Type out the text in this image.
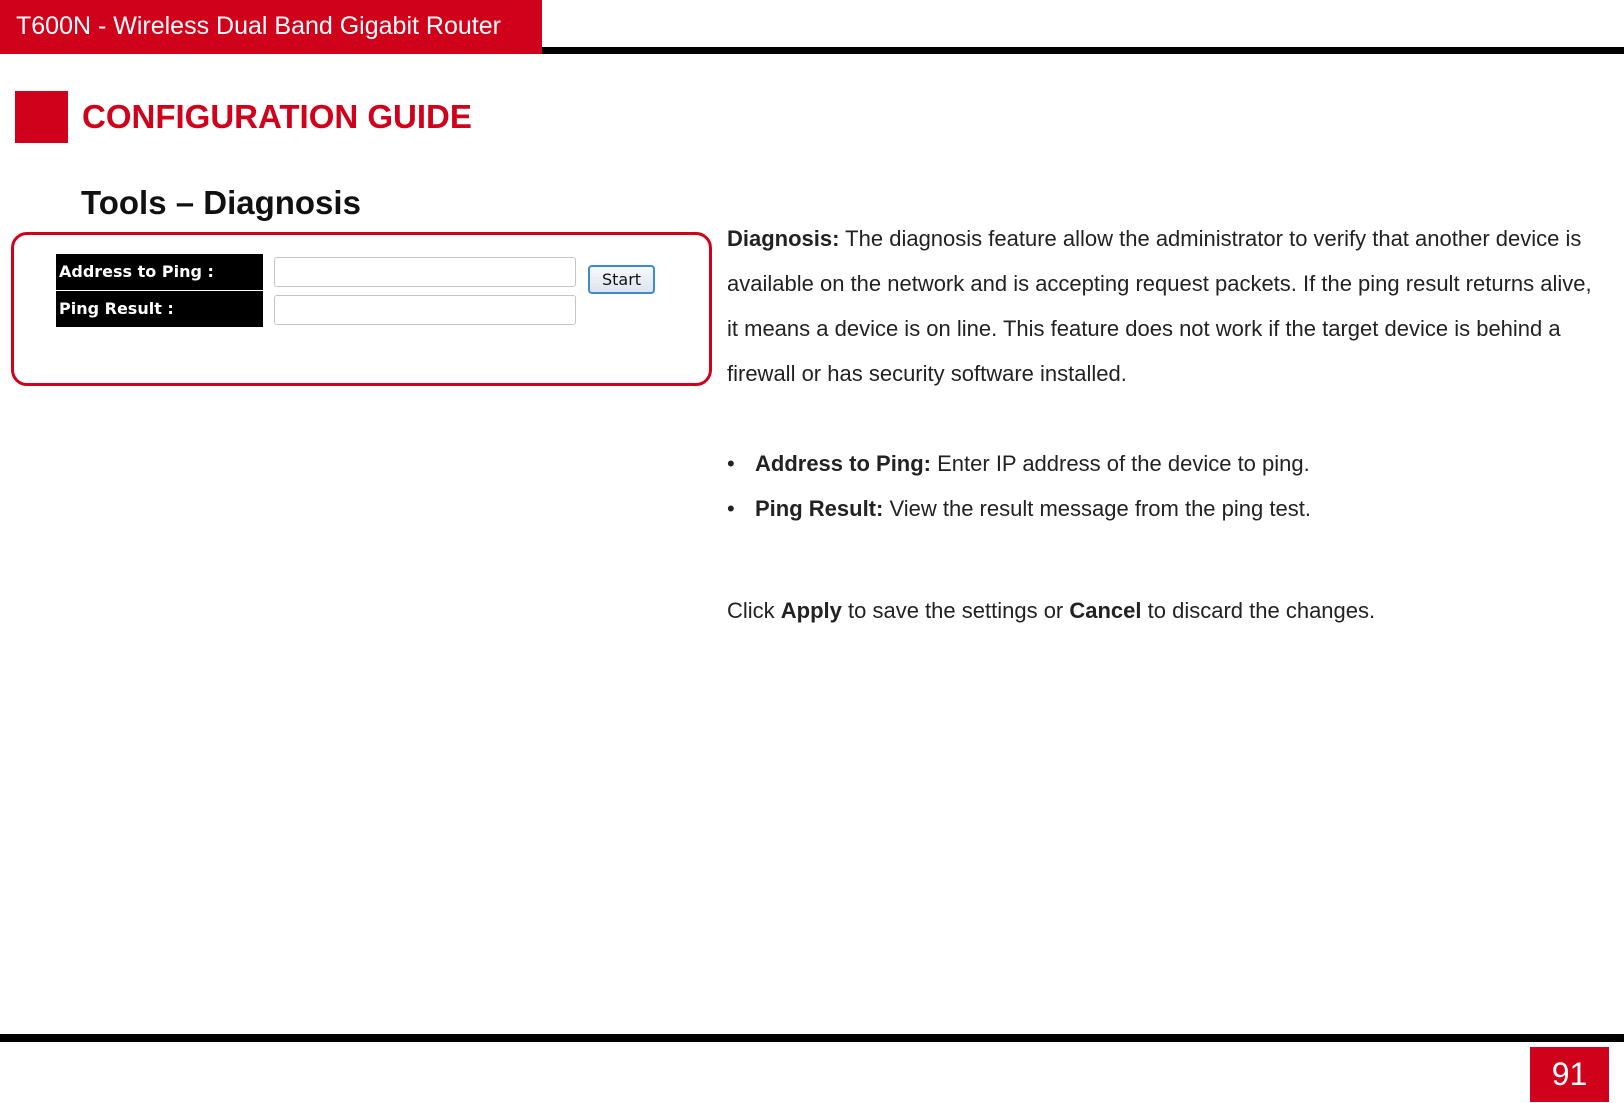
T600N - Wireless Dual Band Gigabit Router
CONFIGURATION GUIDE
Tools – Diagnosis
Address to Ping :	Start
Ping Result :

Diagnosis: The diagnosis feature allow the administrator to verify that another device is available on the network and is accepting request packets. If the ping result returns alive, it means a device is on line. This feature does not work if the target device is behind a firewall or has security software installed.

• Address to Ping: Enter IP address of the device to ping.
• Ping Result: View the result message from the ping test.

Click Apply to save the settings or Cancel to discard the changes.

91
